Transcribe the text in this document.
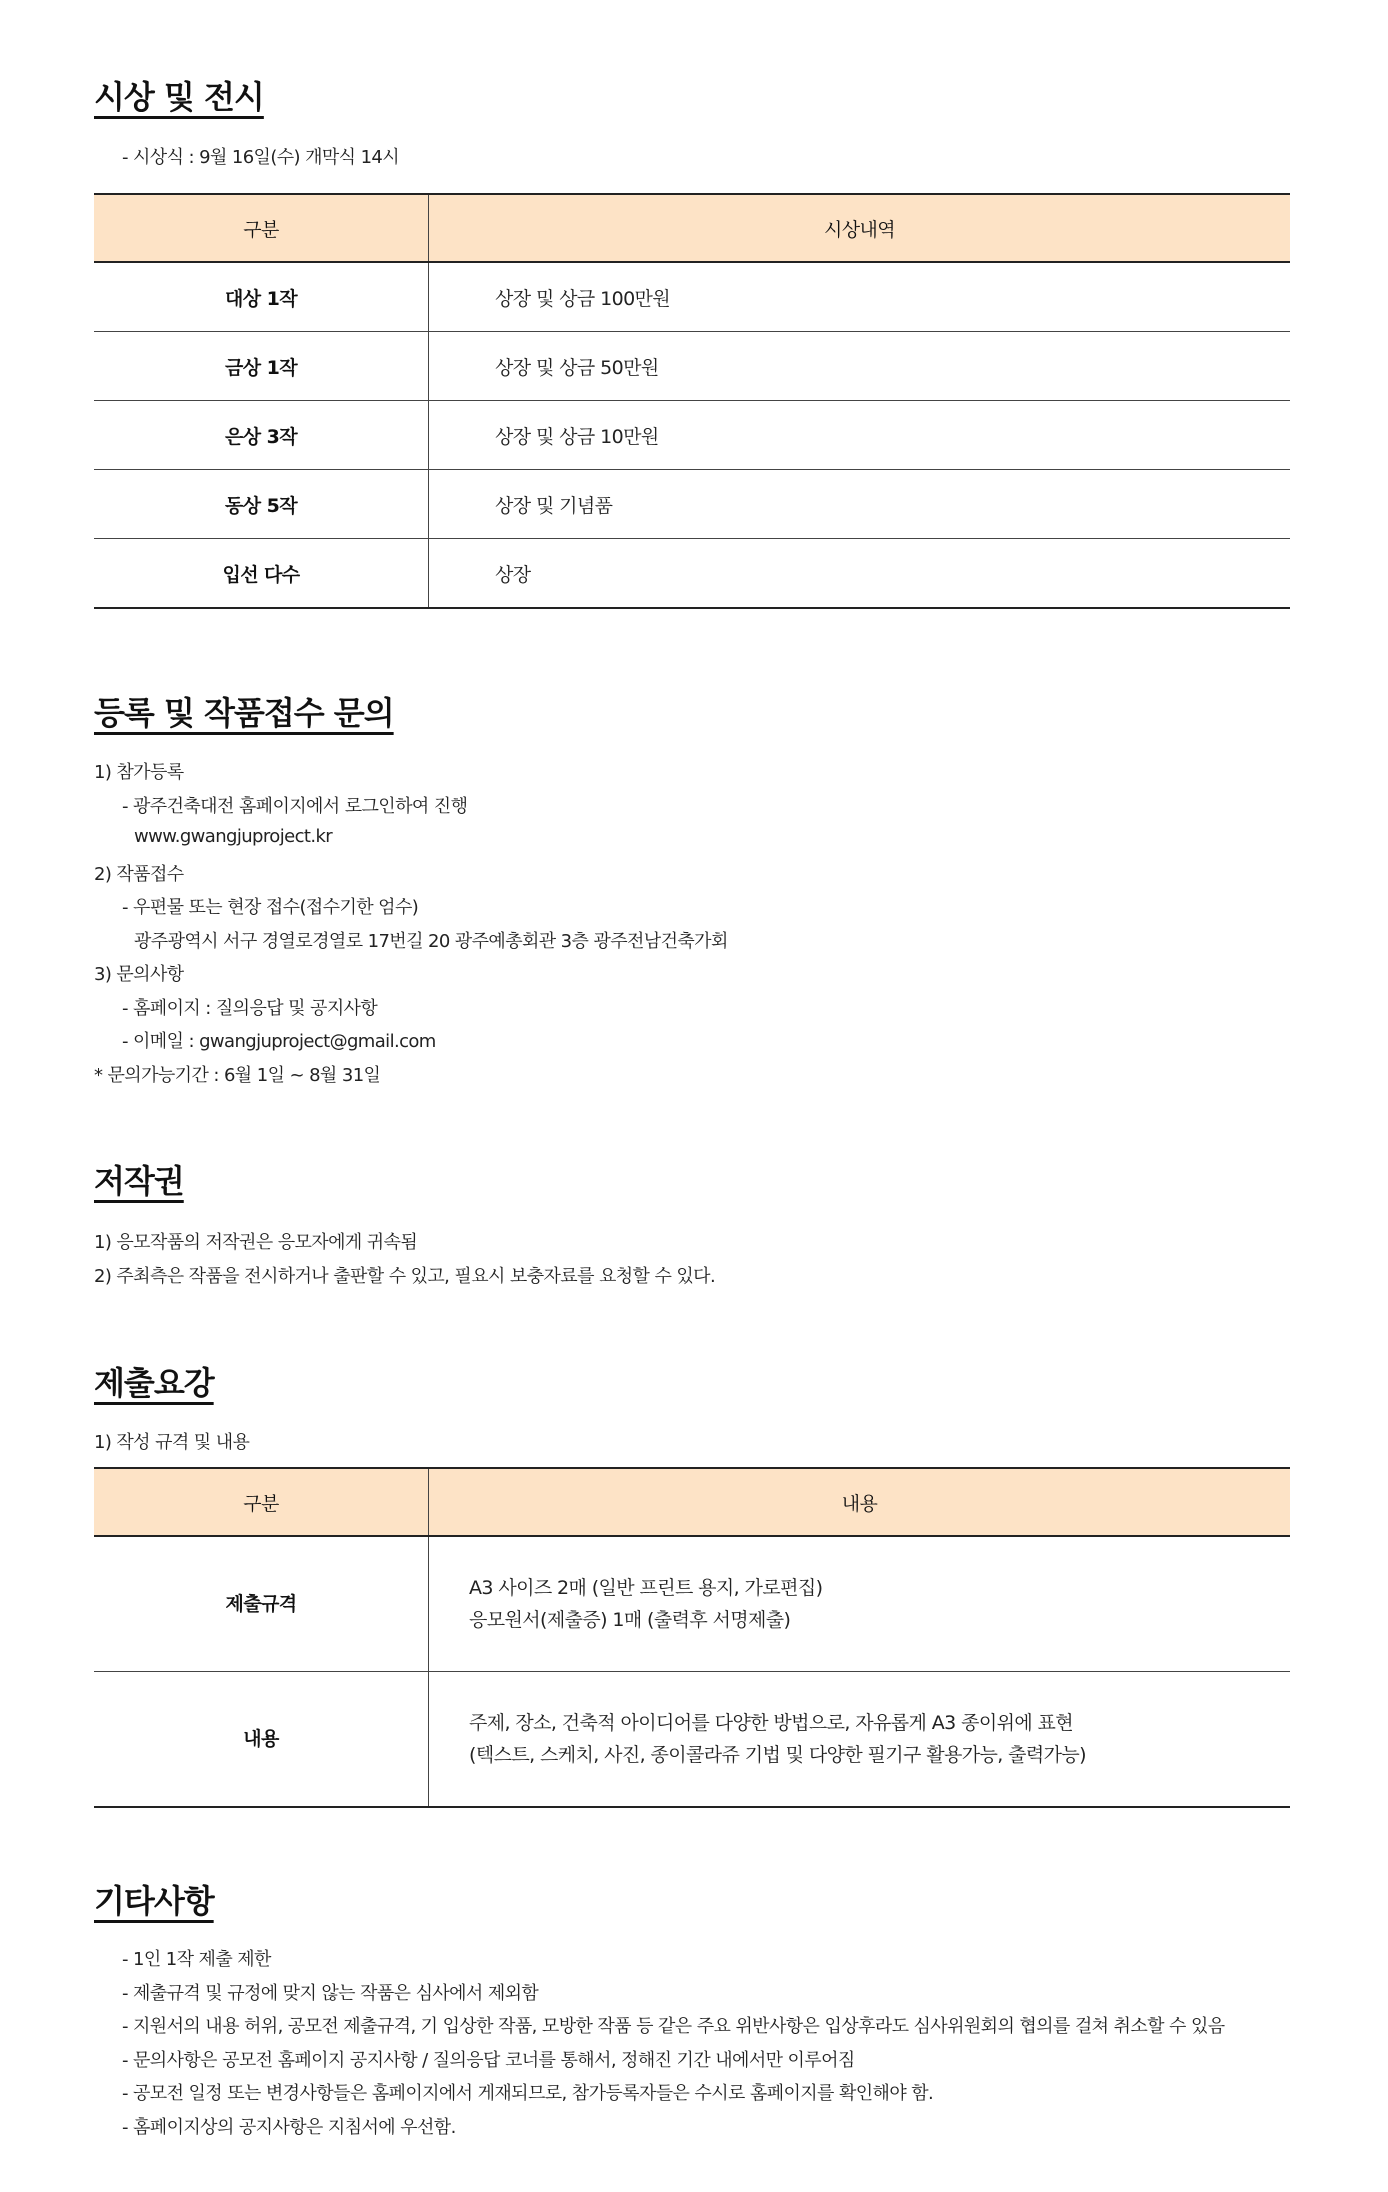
시상 및 전시
- 시상식 : 9월 16일(수) 개막식 14시
구분	시상내역
대상 1작	상장 및 상금 100만원
금상 1작	상장 및 상금 50만원
은상 3작	상장 및 상금 10만원
동상 5작	상장 및 기념품
입선 다수	상장
등록 및 작품접수 문의
1) 참가등록
- 광주건축대전 홈페이지에서 로그인하여 진행
www.gwangjuproject.kr
2) 작품접수
- 우편물 또는 현장 접수(접수기한 엄수)
광주광역시 서구 경열로경열로 17번길 20 광주예총회관 3층 광주전남건축가회
3) 문의사항
- 홈페이지 : 질의응답 및 공지사항
- 이메일 : gwangjuproject@gmail.com
* 문의가능기간 : 6월 1일 ~ 8월 31일
저작권
1) 응모작품의 저작권은 응모자에게 귀속됨
2) 주최측은 작품을 전시하거나 출판할 수 있고, 필요시 보충자료를 요청할 수 있다.
제출요강
1) 작성 규격 및 내용
구분	내용
제출규격	A3 사이즈 2매 (일반 프린트 용지, 가로편집)
응모원서(제출증) 1매 (출력후 서명제출)

내용	주제, 장소, 건축적 아이디어를 다양한 방법으로, 자유롭게 A3 종이위에 표현
(텍스트, 스케치, 사진, 종이콜라쥬 기법 및 다양한 필기구 활용가능, 출력가능)
기타사항
- 1인 1작 제출 제한
- 제출규격 및 규정에 맞지 않는 작품은 심사에서 제외함
- 지원서의 내용 허위, 공모전 제출규격, 기 입상한 작품, 모방한 작품 등 같은 주요 위반사항은 입상후라도 심사위원회의 협의를 걸쳐 취소할 수 있음
- 문의사항은 공모전 홈페이지 공지사항 / 질의응답 코너를 통해서, 정해진 기간 내에서만 이루어짐
- 공모전 일정 또는 변경사항들은 홈페이지에서 게재되므로, 참가등록자들은 수시로 홈페이지를 확인해야 함.
- 홈페이지상의 공지사항은 지침서에 우선함.
